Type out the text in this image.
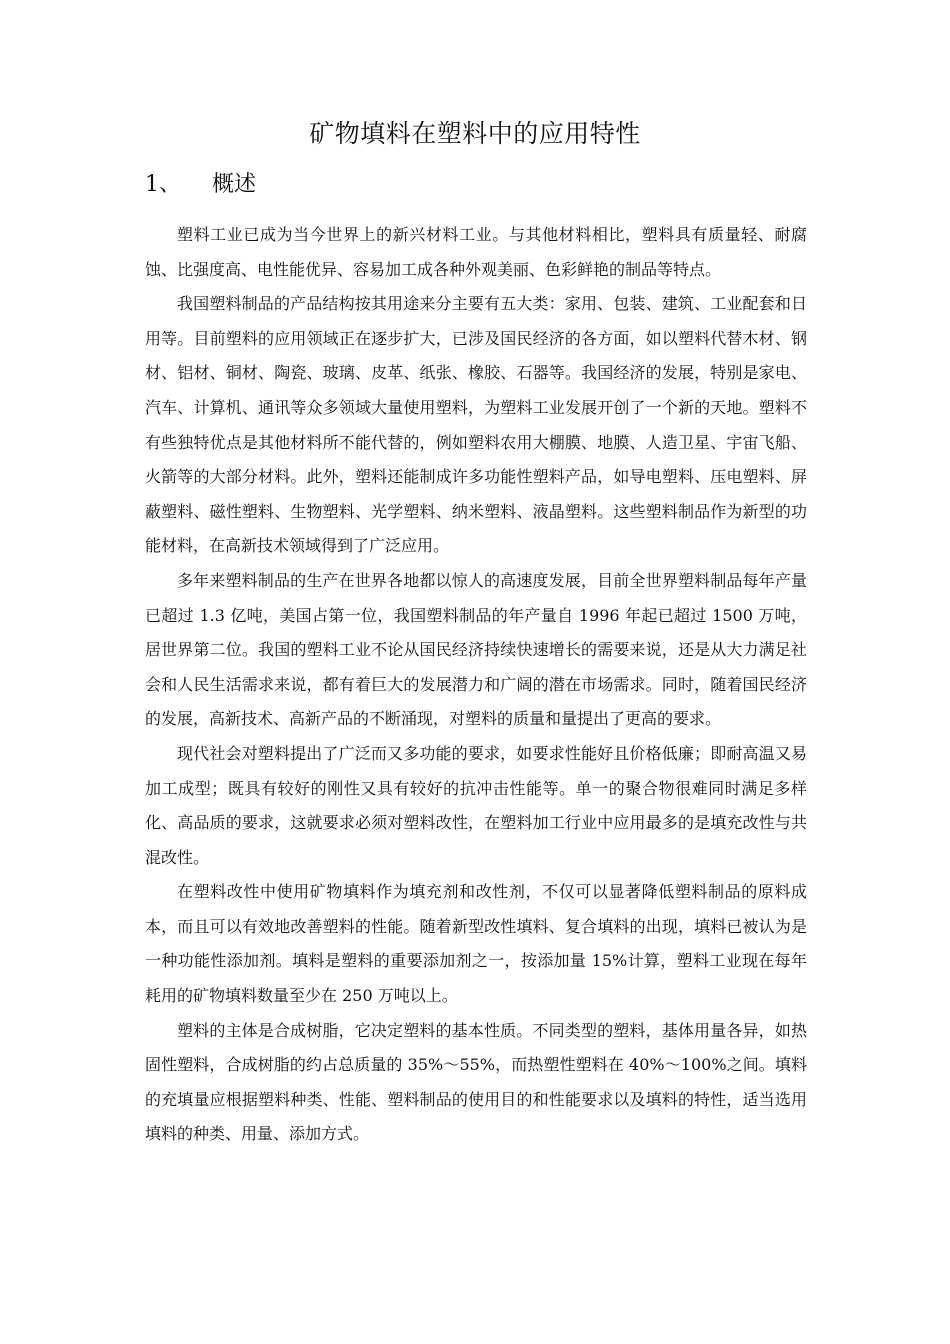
矿物填料在塑料中的应用特性
1、 概述

塑料工业已成为当今世界上的新兴材料工业。与其他材料相比，塑料具有质量轻、耐腐蚀、比强度高、电性能优异、容易加工成各种外观美丽、色彩鲜艳的制品等特点。

我国塑料制品的产品结构按其用途来分主要有五大类：家用、包装、建筑、工业配套和日用等。目前塑料的应用领域正在逐步扩大，已涉及国民经济的各方面，如以塑料代替木材、钢材、铝材、铜材、陶瓷、玻璃、皮革、纸张、橡胶、石器等。我国经济的发展，特别是家电、汽车、计算机、通讯等众多领域大量使用塑料，为塑料工业发展开创了一个新的天地。塑料不有些独特优点是其他材料所不能代替的，例如塑料农用大棚膜、地膜、人造卫星、宇宙飞船、火箭等的大部分材料。此外，塑料还能制成许多功能性塑料产品，如导电塑料、压电塑料、屏蔽塑料、磁性塑料、生物塑料、光学塑料、纳米塑料、液晶塑料。这些塑料制品作为新型的功能材料，在高新技术领域得到了广泛应用。

多年来塑料制品的生产在世界各地都以惊人的高速度发展，目前全世界塑料制品每年产量已超过 1.3 亿吨，美国占第一位，我国塑料制品的年产量自 1996 年起已超过 1500 万吨，居世界第二位。我国的塑料工业不论从国民经济持续快速增长的需要来说，还是从大力满足社会和人民生活需求来说，都有着巨大的发展潜力和广阔的潜在市场需求。同时，随着国民经济的发展，高新技术、高新产品的不断涌现，对塑料的质量和量提出了更高的要求。

现代社会对塑料提出了广泛而又多功能的要求，如要求性能好且价格低廉；即耐高温又易加工成型；既具有较好的刚性又具有较好的抗冲击性能等。单一的聚合物很难同时满足多样化、高品质的要求，这就要求必须对塑料改性，在塑料加工行业中应用最多的是填充改性与共混改性。

在塑料改性中使用矿物填料作为填充剂和改性剂，不仅可以显著降低塑料制品的原料成本，而且可以有效地改善塑料的性能。随着新型改性填料、复合填料的出现，填料已被认为是一种功能性添加剂。填料是塑料的重要添加剂之一，按添加量 15%计算，塑料工业现在每年耗用的矿物填料数量至少在 250 万吨以上。

塑料的主体是合成树脂，它决定塑料的基本性质。不同类型的塑料，基体用量各异，如热固性塑料，合成树脂的约占总质量的 35%～55%，而热塑性塑料在 40%～100%之间。填料的充填量应根据塑料种类、性能、塑料制品的使用目的和性能要求以及填料的特性，适当选用填料的种类、用量、添加方式。
